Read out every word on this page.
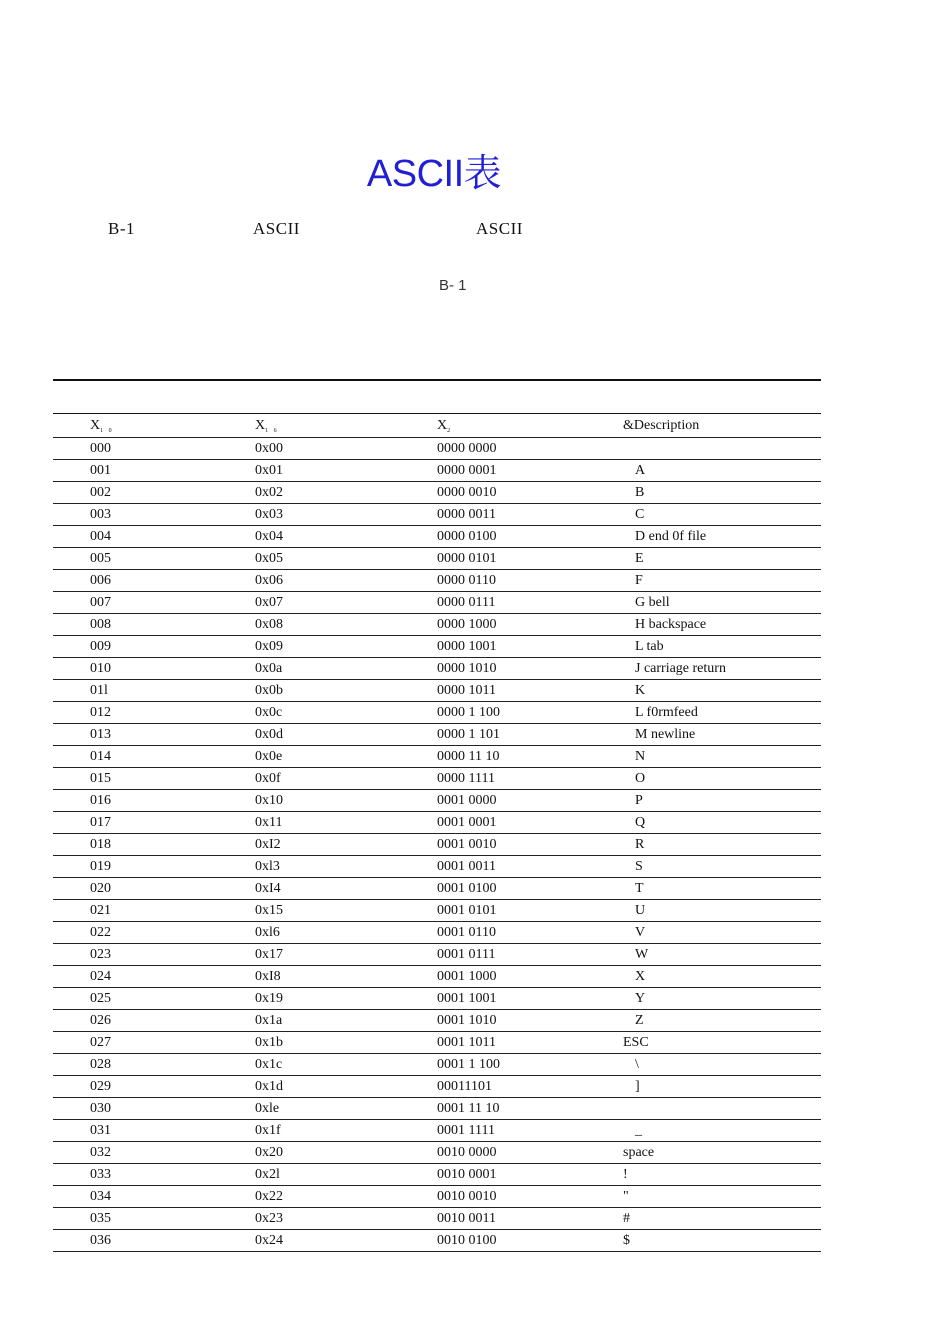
ASCII表
B-1	ASCII	ASCII
B- 1
$X_{1 0}$	$X_{1 6}$	$X_2$	&Description
000	0x00	0000 0000
001	0x01	0000 0001	A
002	0x02	0000 0010	B
003	0x03	0000 0011	C
004	0x04	0000 0100	D end 0f file
005	0x05	0000 0101	E
006	0x06	0000 0110	F
007	0x07	0000 0111	G bell
008	0x08	0000 1000	H backspace
009	0x09	0000 1001	L tab
010	0x0a	0000 1010	J carriage return
01l	0x0b	0000 1011	K
012	0x0c	0000 1 100	L f0rmfeed
013	0x0d	0000 1 101	M newline
014	0x0e	0000 11 10	N
015	0x0f	0000 1111	O
016	0x10	0001 0000	P
017	0x11	0001 0001	Q
018	0xI2	0001 0010	R
019	0xl3	0001 0011	S
020	0xI4	0001 0100	T
021	0x15	0001 0101	U
022	0xl6	0001 0110	V
023	0x17	0001 0111	W
024	0xI8	0001 1000	X
025	0x19	0001 1001	Y
026	0x1a	0001 1010	Z
027	0x1b	0001 1011	ESC
028	0x1c	0001 1 100	\
029	0x1d	00011101	]
030	0xle	0001 11 10
031	0x1f	0001 1111	_
032	0x20	0010 0000	space
033	0x2l	0010 0001	!
034	0x22	0010 0010	"
035	0x23	0010 0011	#
036	0x24	0010 0100	$
